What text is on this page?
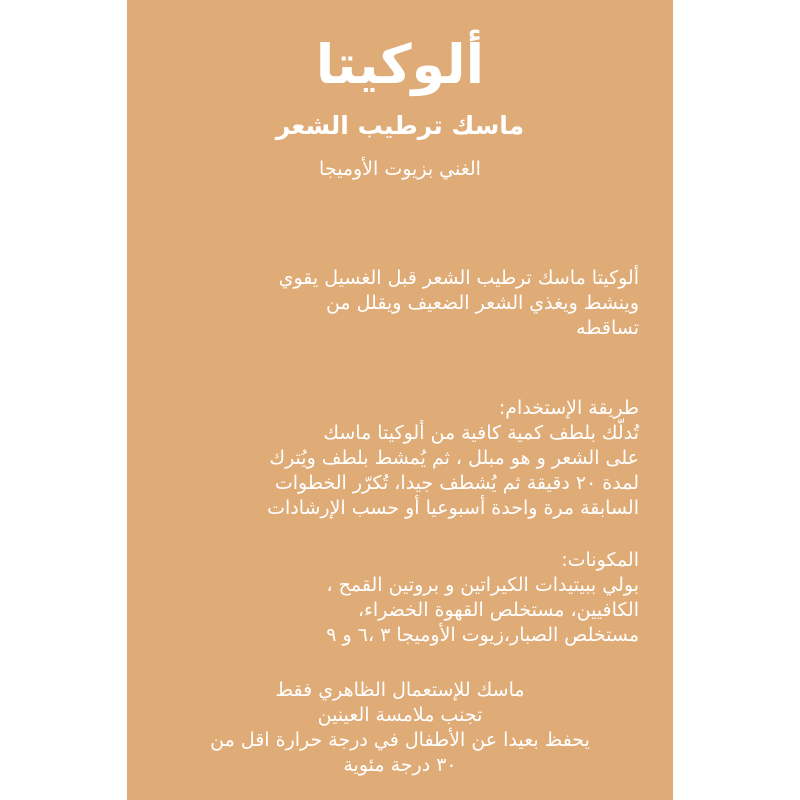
ألوكيتا
ماسك ترطيب الشعر

الغني بزيوت الأوميجا

ألوكيتا ماسك ترطيب الشعر قبل الغسيل يقوي
وينشط ويغذي الشعر الضعيف ويقلل من
تساقطه
طريقة الإستخدام:
تُدلّك بلطف كمية كافية من ألوكيتا ماسك
على الشعر و هو مبلل ، ثم يُمشط بلطف ويُترك
لمدة ٢٠ دقيقة ثم يُشطف جيدا، تُكرّر الخطوات
السابقة مرة واحدة أسبوعيا أو حسب الإرشادات
المكونات:
بولي ببيتيدات الكيراتين و بروتين القمح ،
الكافيين، مستخلص القهوة الخضراء،
مستخلص الصبار،زيوت الأوميجا ٣ ،٦ و ٩
ماسك للإستعمال الظاهري فقط
تجنب ملامسة العينين
يحفظ بعيدا عن الأطفال في درجة حرارة اقل من
٣٠ درجة مئوية
